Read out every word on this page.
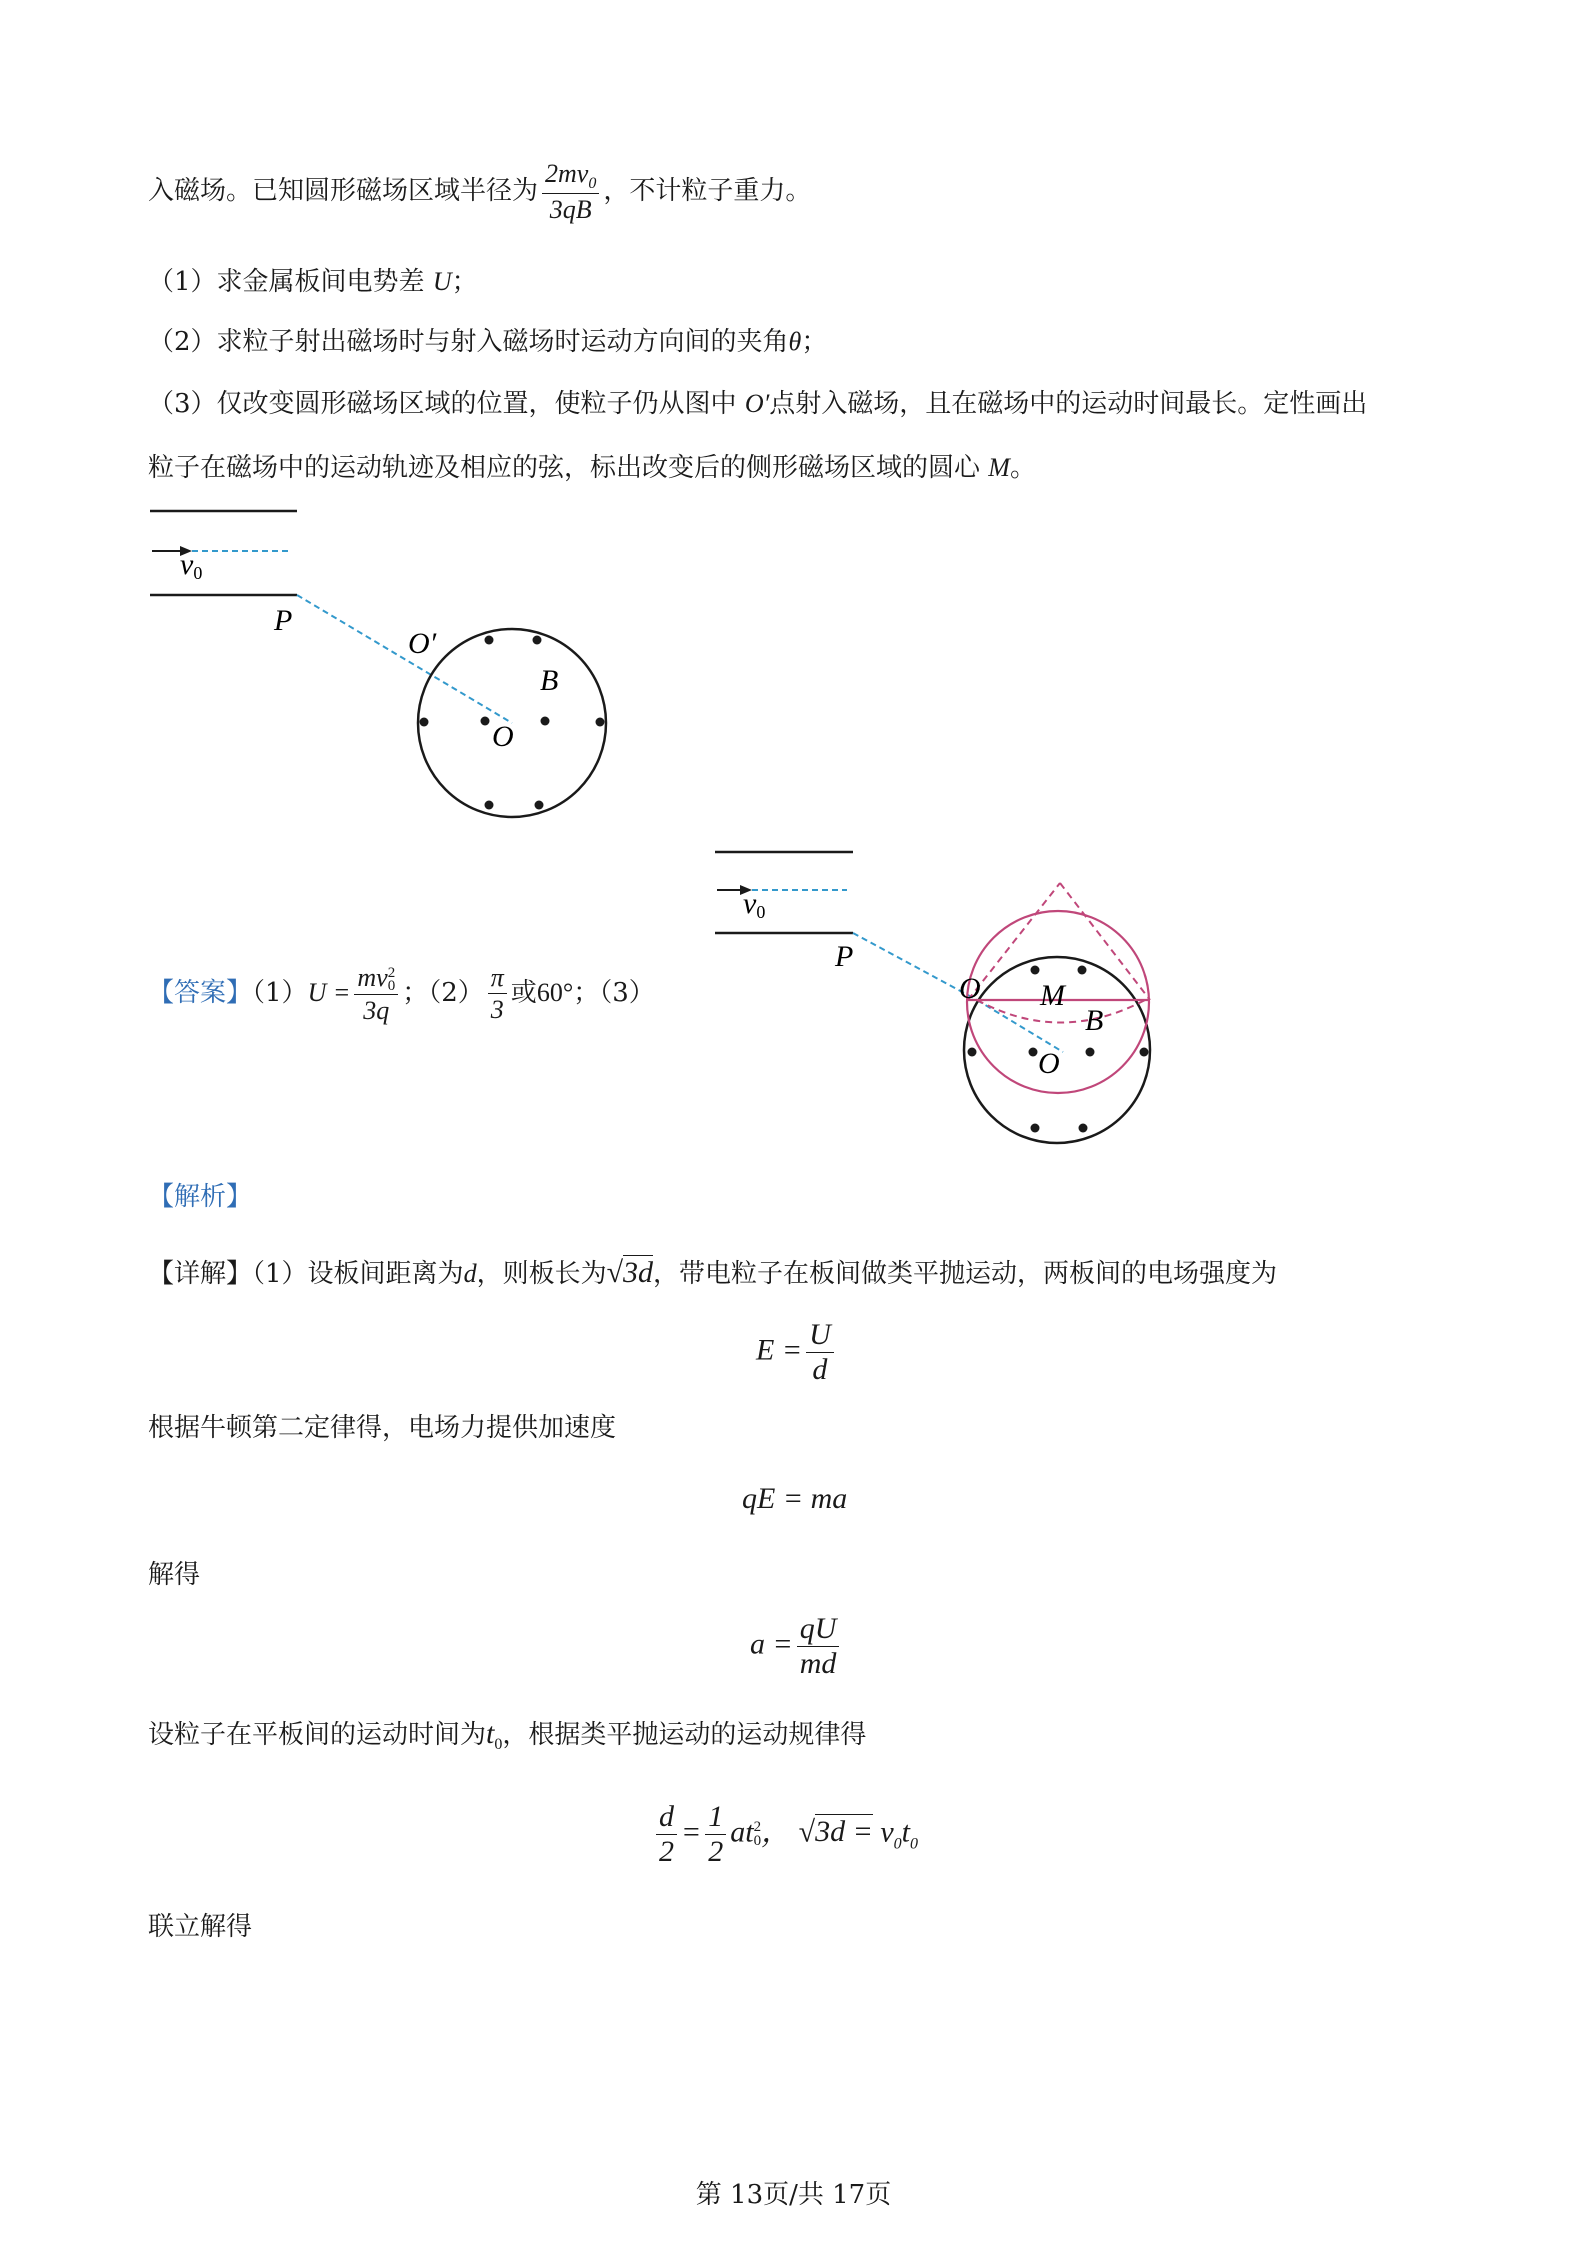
入磁场。已知圆形磁场区域半径为 $\frac{2mv_0}{3qB}$ ，不计粒子重力。
（1）求金属板间电势差 U；
（2）求粒子射出磁场时与射入磁场时运动方向间的夹角θ；
（3）仅改变圆形磁场区域的位置，使粒子仍从图中 O′点射入磁场，且在磁场中的运动时间最长。定性画出
粒子在磁场中的运动轨迹及相应的弦，标出改变后的侧形磁场区域的圆心 M。
v0
P
O′
B
O
v0
P
O M
B
O
【答案】（1）U = mv 2
0
3q ；$(2) \frac{\pi}{3}$ 或60°；（3）
【解析】
【详解】（1）设板间距离为d，则板长为√3d，带电粒子在板间做类平抛运动，两板间的电场强度为
$E = \frac{U}{d}$
根据牛顿第二定律得，电场力提供加速度
qE = ma
解得
$a = \frac{qU}{md}$
设粒子在平板间的运动时间为$t_0$，根据类平抛运动的运动规律得
$\frac{d}{2} = \frac{1}{2}$ at 2
0 ， $√3d = v_0t_0$
联立解得
第 13页/共 17页
